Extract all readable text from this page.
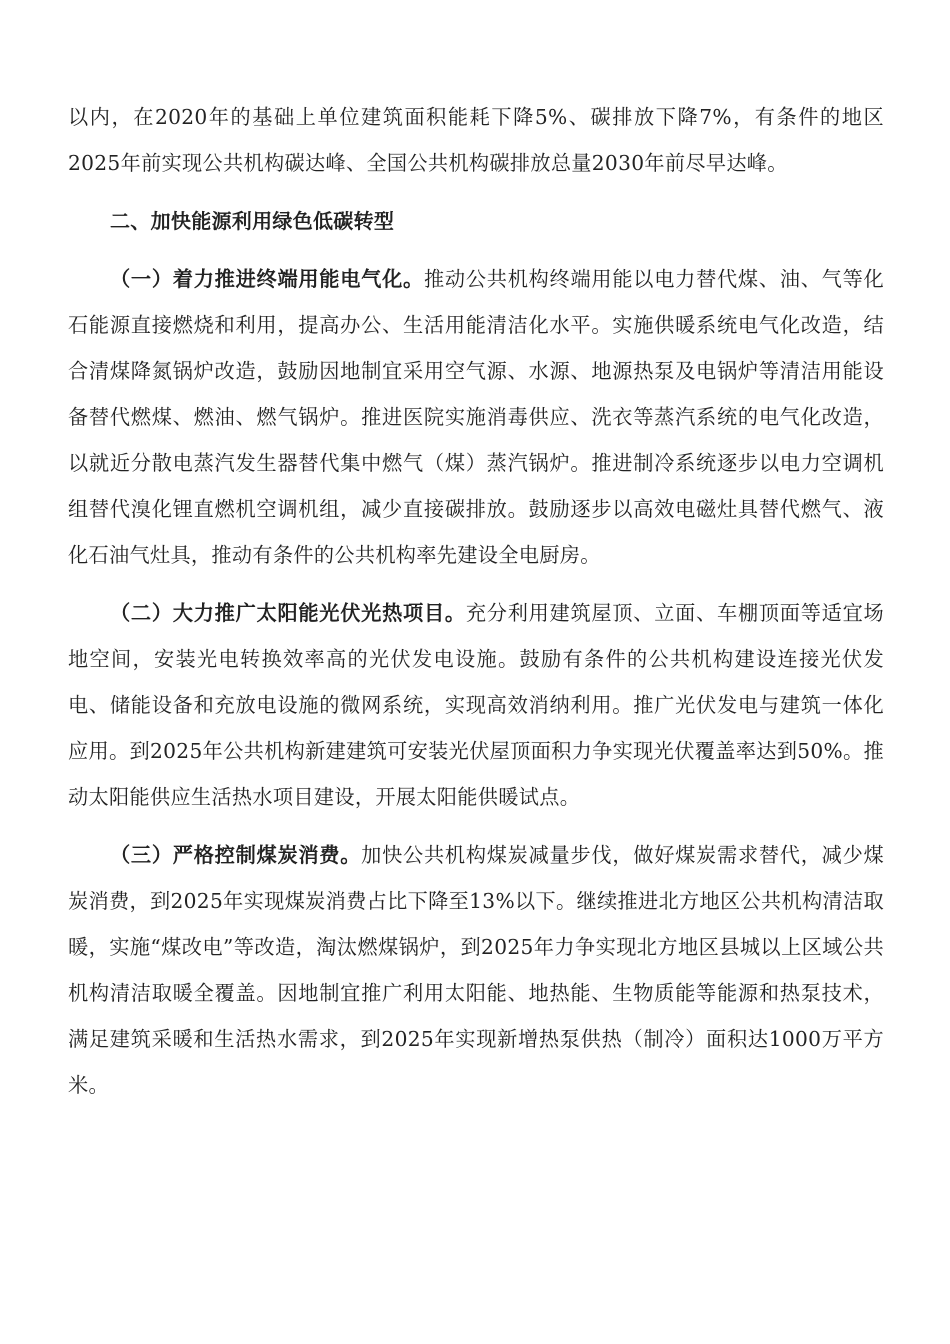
以内，在2020年的基础上单位建筑面积能耗下降5%、碳排放下降7%，有条件的地区2025年前实现公共机构碳达峰、全国公共机构碳排放总量2030年前尽早达峰。

二、加快能源利用绿色低碳转型

（一）着力推进终端用能电气化。推动公共机构终端用能以电力替代煤、油、气等化石能源直接燃烧和利用，提高办公、生活用能清洁化水平。实施供暖系统电气化改造，结合清煤降氮锅炉改造，鼓励因地制宜采用空气源、水源、地源热泵及电锅炉等清洁用能设备替代燃煤、燃油、燃气锅炉。推进医院实施消毒供应、洗衣等蒸汽系统的电气化改造，以就近分散电蒸汽发生器替代集中燃气（煤）蒸汽锅炉。推进制冷系统逐步以电力空调机组替代溴化锂直燃机空调机组，减少直接碳排放。鼓励逐步以高效电磁灶具替代燃气、液化石油气灶具，推动有条件的公共机构率先建设全电厨房。

（二）大力推广太阳能光伏光热项目。充分利用建筑屋顶、立面、车棚顶面等适宜场地空间，安装光电转换效率高的光伏发电设施。鼓励有条件的公共机构建设连接光伏发电、储能设备和充放电设施的微网系统，实现高效消纳利用。推广光伏发电与建筑一体化应用。到2025年公共机构新建建筑可安装光伏屋顶面积力争实现光伏覆盖率达到50%。推动太阳能供应生活热水项目建设，开展太阳能供暖试点。

（三）严格控制煤炭消费。加快公共机构煤炭减量步伐，做好煤炭需求替代，减少煤炭消费，到2025年实现煤炭消费占比下降至13%以下。继续推进北方地区公共机构清洁取暖，实施“煤改电”等改造，淘汰燃煤锅炉，到2025年力争实现北方地区县城以上区域公共机构清洁取暖全覆盖。因地制宜推广利用太阳能、地热能、生物质能等能源和热泵技术，满足建筑采暖和生活热水需求，到2025年实现新增热泵供热（制冷）面积达1000万平方米。
